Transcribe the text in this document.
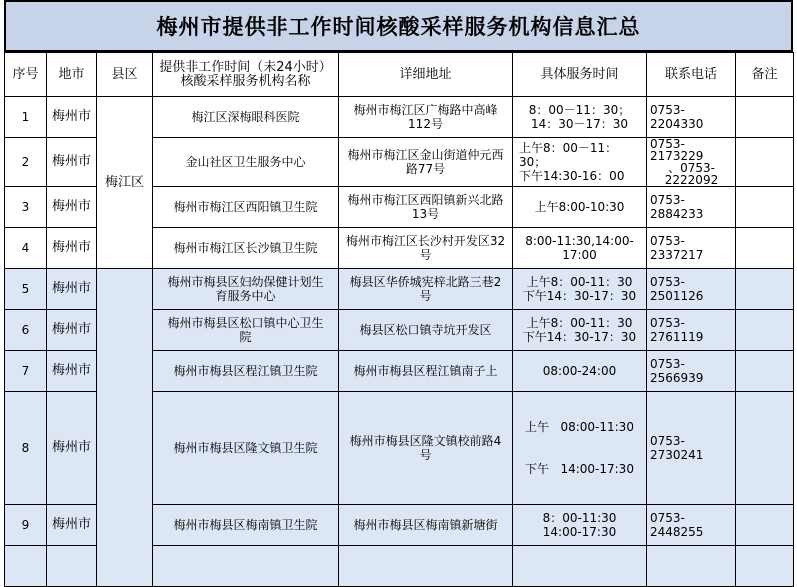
梅州市提供非工作时间核酸采样服务机构信息汇总
序号	地市	县区	提供非工作时间（未24小时）核酸采样服务机构名称	详细地址	具体服务时间	联系电话	备注
1	梅州市	梅江区	梅江区深梅眼科医院	梅州市梅江区广梅路中高峰
112号	8：00－11：30；
14：30－17：30	0753-2204330	

2	梅州市		金山社区卫生服务中心	梅州市梅江区金山街道仲元西
路77号	上午8：00－11：30；
下午14:30-16：00	0753-2173229
、0753-
2222092	

3	梅州市		梅州市梅江区西阳镇卫生院	梅州市梅江区西阳镇新兴北路
13号	上午8:00-10:30	0753-2884233	

4	梅州市		梅州市梅江区长沙镇卫生院	梅州市梅江区长沙村开发区32
号	8:00-11:30,14:00-
17:00	0753-2337217	

5	梅州市		梅州市梅县区妇幼保健计划生
育服务中心	梅县区华侨城宪梓北路三巷2
号	上午8：00-11：30
下午14：30-17：30	0753-2501126	

6	梅州市		梅州市梅县区松口镇中心卫生
院	梅县区松口镇寺坑开发区	上午8：00-11：30
下午14：30-17：30	0753-2761119	

7	梅州市		梅州市梅县区程江镇卫生院	梅州市梅县区程江镇南子上	08:00-24:00	0753-2566939	

8	梅州市		梅州市梅县区隆文镇卫生院	梅州市梅县区隆文镇校前路4
号	上午   08:00-11:30

下午   14:00-17:30	0753-2730241	

9	梅州市		梅州市梅县区梅南镇卫生院	梅州市梅县区梅南镇新塘街	8：00-11:30
14:00-17:30	0753-2448255	
